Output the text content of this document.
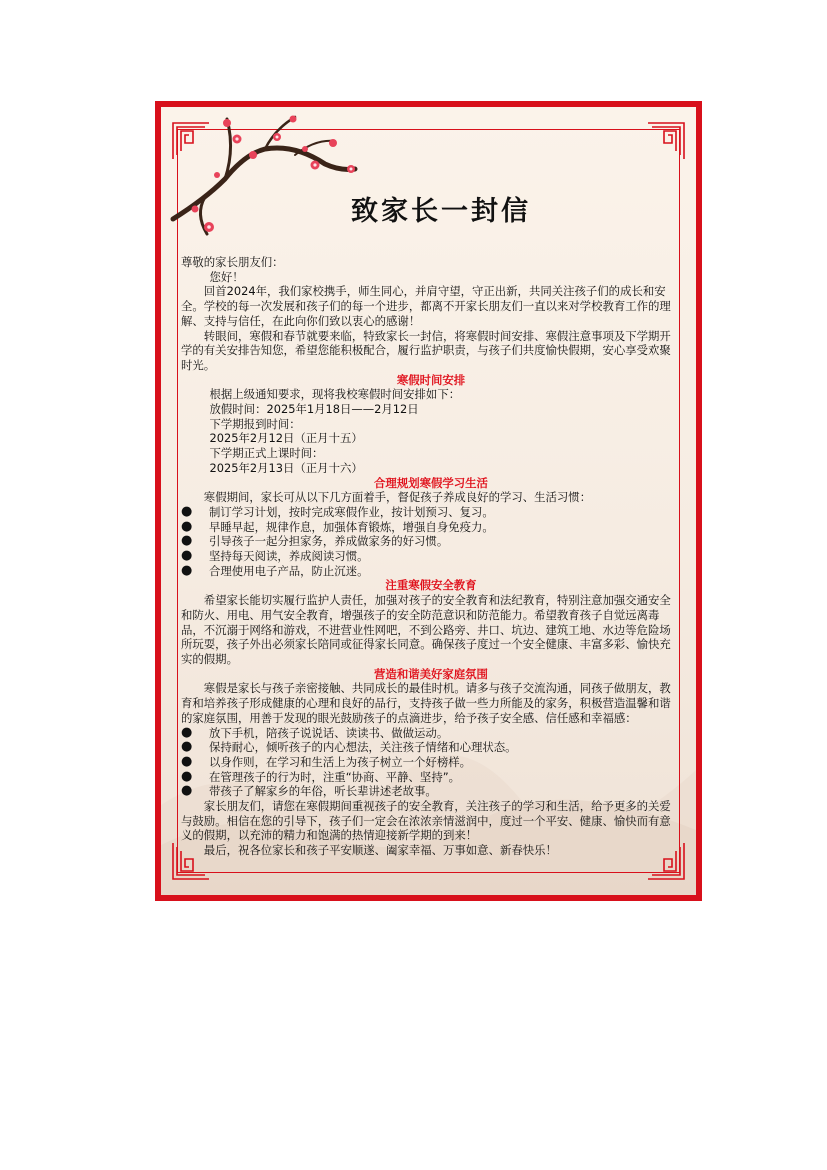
致家长一封信

尊敬的家长朋友们：

您好！

回首2024年，我们家校携手，师生同心，并肩守望，守正出新，共同关注孩子们的成长和安全。学校的每一次发展和孩子们的每一个进步，都离不开家长朋友们一直以来对学校教育工作的理解、支持与信任，在此向你们致以衷心的感谢！

转眼间，寒假和春节就要来临，特致家长一封信，将寒假时间安排、寒假注意事项及下学期开学的有关安排告知您，希望您能积极配合，履行监护职责，与孩子们共度愉快假期，安心享受欢聚时光。

寒假时间安排

根据上级通知要求，现将我校寒假时间安排如下：

放假时间：2025年1月18日——2月12日

下学期报到时间：

2025年2月12日（正月十五）

下学期正式上课时间：

2025年2月13日（正月十六）

合理规划寒假学习生活

寒假期间，家长可从以下几方面着手，督促孩子养成良好的学习、生活习惯：

●	制订学习计划，按时完成寒假作业，按计划预习、复习。
●	早睡早起，规律作息，加强体育锻炼，增强自身免疫力。
●	引导孩子一起分担家务，养成做家务的好习惯。
●	坚持每天阅读，养成阅读习惯。
●	合理使用电子产品，防止沉迷。

注重寒假安全教育

希望家长能切实履行监护人责任，加强对孩子的安全教育和法纪教育，特别注意加强交通安全和防火、用电、用气安全教育，增强孩子的安全防范意识和防范能力。希望教育孩子自觉远离毒品，不沉溺于网络和游戏，不进营业性网吧，不到公路旁、井口、坑边、建筑工地、水边等危险场所玩耍，孩子外出必须家长陪同或征得家长同意。确保孩子度过一个安全健康、丰富多彩、愉快充实的假期。

营造和谐美好家庭氛围

寒假是家长与孩子亲密接触、共同成长的最佳时机。请多与孩子交流沟通，同孩子做朋友，教育和培养孩子形成健康的心理和良好的品行，支持孩子做一些力所能及的家务，积极营造温馨和谐的家庭氛围，用善于发现的眼光鼓励孩子的点滴进步，给予孩子安全感、信任感和幸福感：

●	放下手机，陪孩子说说话、读读书、做做运动。
●	保持耐心，倾听孩子的内心想法，关注孩子情绪和心理状态。
●	以身作则，在学习和生活上为孩子树立一个好榜样。
●	在管理孩子的行为时，注重“协商、平静、坚持”。
●	带孩子了解家乡的年俗，听长辈讲述老故事。

家长朋友们，请您在寒假期间重视孩子的安全教育，关注孩子的学习和生活，给予更多的关爱与鼓励。相信在您的引导下，孩子们一定会在浓浓亲情滋润中，度过一个平安、健康、愉快而有意义的假期，以充沛的精力和饱满的热情迎接新学期的到来！

最后，祝各位家长和孩子平安顺遂、阖家幸福、万事如意、新春快乐！
